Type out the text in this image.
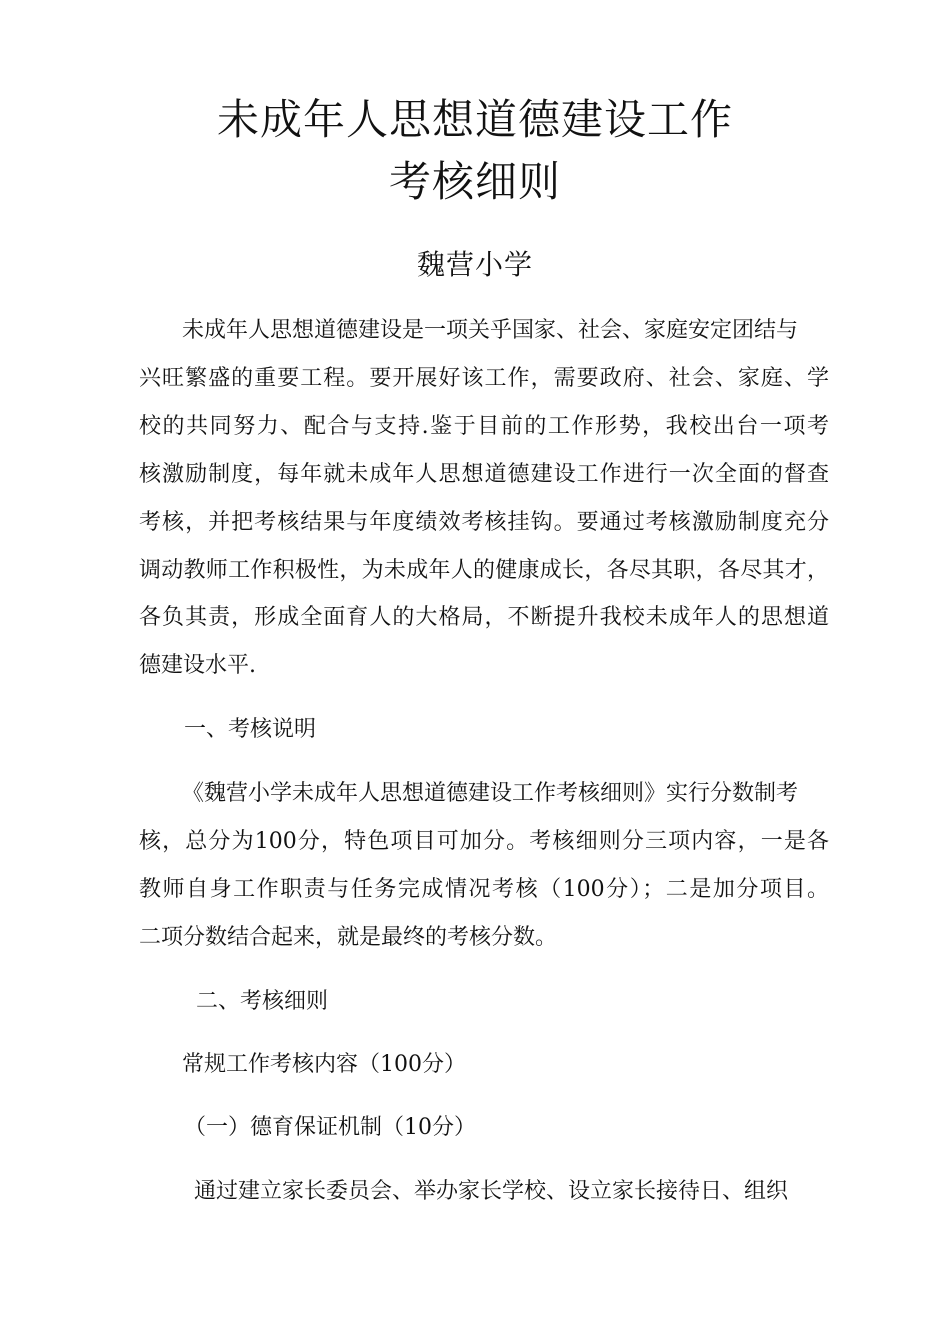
未成年人思想道德建设工作
考核细则
魏营小学
未成年人思想道德建设是一项关乎国家、社会、家庭安定团结与
兴旺繁盛的重要工程。要开展好该工作，需要政府、社会、家庭、学
校的共同努力、配合与支持.鉴于目前的工作形势，我校出台一项考
核激励制度，每年就未成年人思想道德建设工作进行一次全面的督查
考核，并把考核结果与年度绩效考核挂钩。要通过考核激励制度充分
调动教师工作积极性，为未成年人的健康成长，各尽其职，各尽其才，
各负其责，形成全面育人的大格局，不断提升我校未成年人的思想道
德建设水平.
一、考核说明
《魏营小学未成年人思想道德建设工作考核细则》实行分数制考
核，总分为100分，特色项目可加分。考核细则分三项内容，一是各
教师自身工作职责与任务完成情况考核（100分）；二是加分项目。
二项分数结合起来，就是最终的考核分数。
二、考核细则
常规工作考核内容（100分）
（一）德育保证机制（10分）
通过建立家长委员会、举办家长学校、设立家长接待日、组织
